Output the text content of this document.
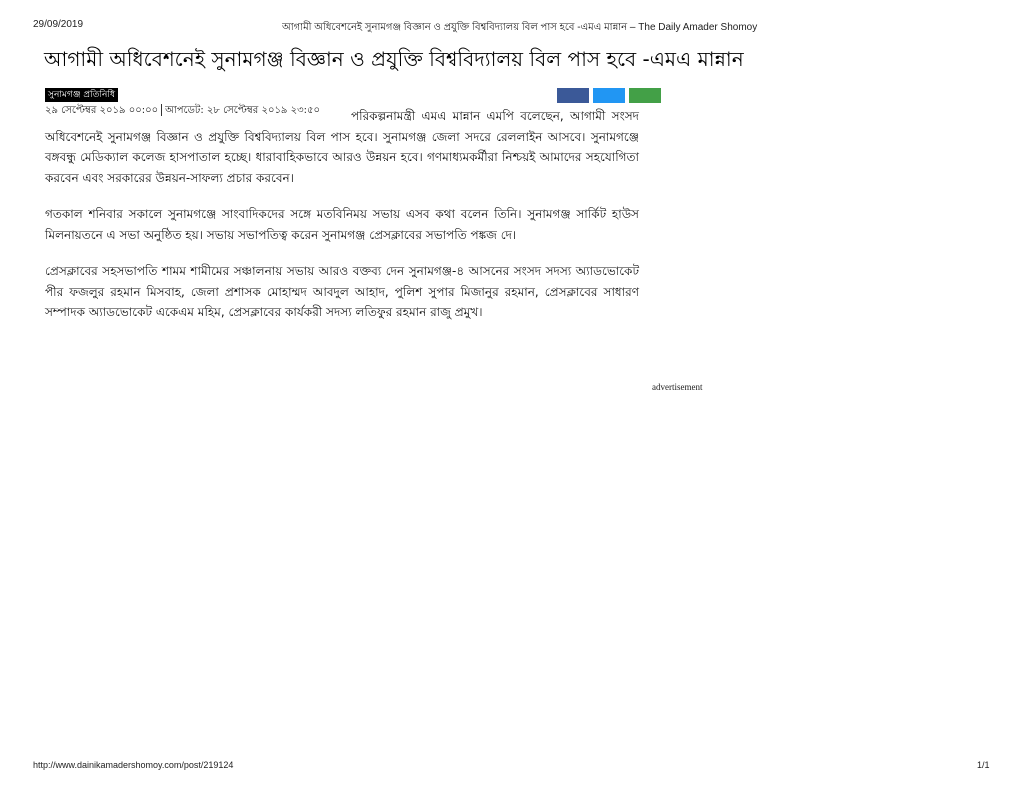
29/09/2019	আগামী অধিবেশনেই সুনামগঞ্জ বিজ্ঞান ও প্রযুক্তি বিশ্ববিদ্যালয় বিল পাস হবে -এমএ মান্নান – The Daily Amader Shomoy
আগামী অধিবেশনেই সুনামগঞ্জ বিজ্ঞান ও প্রযুক্তি বিশ্ববিদ্যালয় বিল পাস হবে -এমএ মান্নান
সুনামগঞ্জ প্রতিনিধি
২৯ সেপ্টেম্বর ২০১৯ ০০:০০ আপডেট: ২৮ সেপ্টেম্বর ২০১৯ ২৩:৫০	পরিকল্পনামন্ত্রী এমএ মান্নান এমপি বলেছেন, আগামী সংসদ অধিবেশনেই সুনামগঞ্জ বিজ্ঞান ও প্রযুক্তি বিশ্ববিদ্যালয় বিল পাস হবে। সুনামগঞ্জ জেলা সদরে রেললাইন আসবে। সুনামগঞ্জে বঙ্গবন্ধু মেডিক্যাল কলেজ হাসপাতাল হচ্ছে। ধারাবাহিকভাবে আরও উন্নয়ন হবে। গণমাধ্যমকর্মীরা নিশ্চয়ই আমাদের সহযোগিতা করবেন এবং সরকারের উন্নয়ন-সাফল্য প্রচার করবেন।

গতকাল শনিবার সকালে সুনামগঞ্জে সাংবাদিকদের সঙ্গে মতবিনিময় সভায় এসব কথা বলেন তিনি। সুনামগঞ্জ সার্কিট হাউস মিলনায়তনে এ সভা অনুষ্ঠিত হয়। সভায় সভাপতিত্ব করেন সুনামগঞ্জ প্রেসক্লাবের সভাপতি পঙ্কজ দে।

প্রেসক্লাবের সহসভাপতি শামম শামীমের সঞ্চালনায় সভায় আরও বক্তব্য দেন সুনামগঞ্জ-৪ আসনের সংসদ সদস্য অ্যাডভোকেট পীর ফজলুর রহমান মিসবাহ, জেলা প্রশাসক মোহাম্মদ আবদুল আহাদ, পুলিশ সুপার মিজানুর রহমান, প্রেসক্লাবের সাধারণ সম্পাদক অ্যাডভোকেট একেএম মহিম, প্রেসক্লাবের কার্যকরী সদস্য লতিফুর রহমান রাজু প্রমুখ।

advertisement
http://www.dainikamadershomoy.com/post/219124	1/1
